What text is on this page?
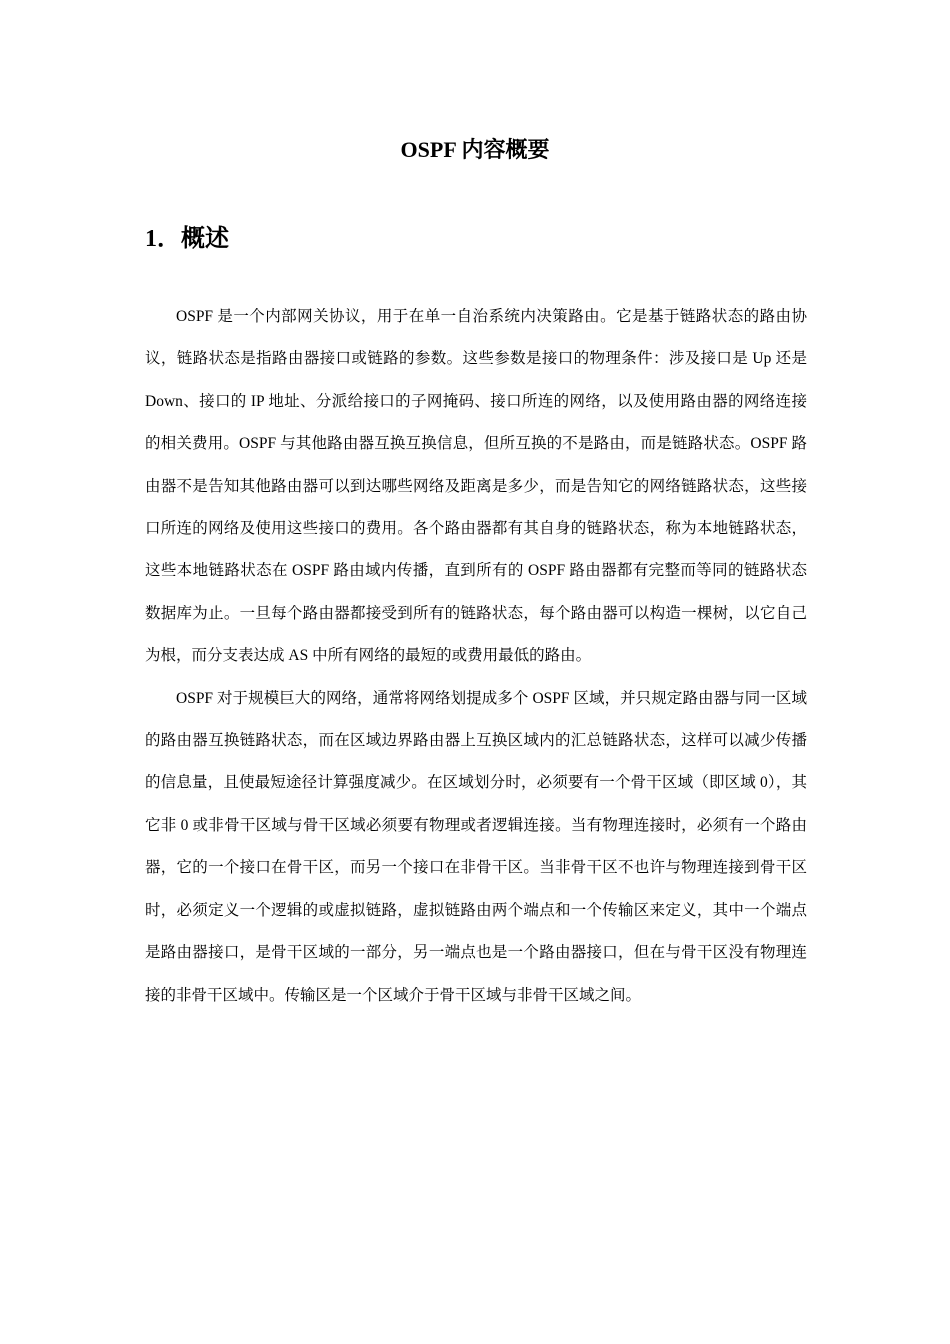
OSPF 内容概要
1．概述

OSPF 是一个内部网关协议，用于在单一自治系统内决策路由。它是基于链路状态的路由协议，链路状态是指路由器接口或链路的参数。这些参数是接口的物理条件：涉及接口是 Up 还是 Down、接口的 IP 地址、分派给接口的子网掩码、接口所连的网络，以及使用路由器的网络连接的相关费用。OSPF 与其他路由器互换互换信息，但所互换的不是路由，而是链路状态。OSPF 路由器不是告知其他路由器可以到达哪些网络及距离是多少，而是告知它的网络链路状态，这些接口所连的网络及使用这些接口的费用。各个路由器都有其自身的链路状态，称为本地链路状态，这些本地链路状态在 OSPF 路由域内传播，直到所有的 OSPF 路由器都有完整而等同的链路状态数据库为止。一旦每个路由器都接受到所有的链路状态，每个路由器可以构造一棵树，以它自己为根，而分支表达成 AS 中所有网络的最短的或费用最低的路由。

OSPF 对于规模巨大的网络，通常将网络划提成多个 OSPF 区域，并只规定路由器与同一区域的路由器互换链路状态，而在区域边界路由器上互换区域内的汇总链路状态，这样可以减少传播的信息量，且使最短途径计算强度减少。在区域划分时，必须要有一个骨干区域（即区域 0），其它非 0 或非骨干区域与骨干区域必须要有物理或者逻辑连接。当有物理连接时，必须有一个路由器，它的一个接口在骨干区，而另一个接口在非骨干区。当非骨干区不也许与物理连接到骨干区时，必须定义一个逻辑的或虚拟链路，虚拟链路由两个端点和一个传输区来定义，其中一个端点是路由器接口，是骨干区域的一部分，另一端点也是一个路由器接口，但在与骨干区没有物理连接的非骨干区域中。传输区是一个区域介于骨干区域与非骨干区域之间。
